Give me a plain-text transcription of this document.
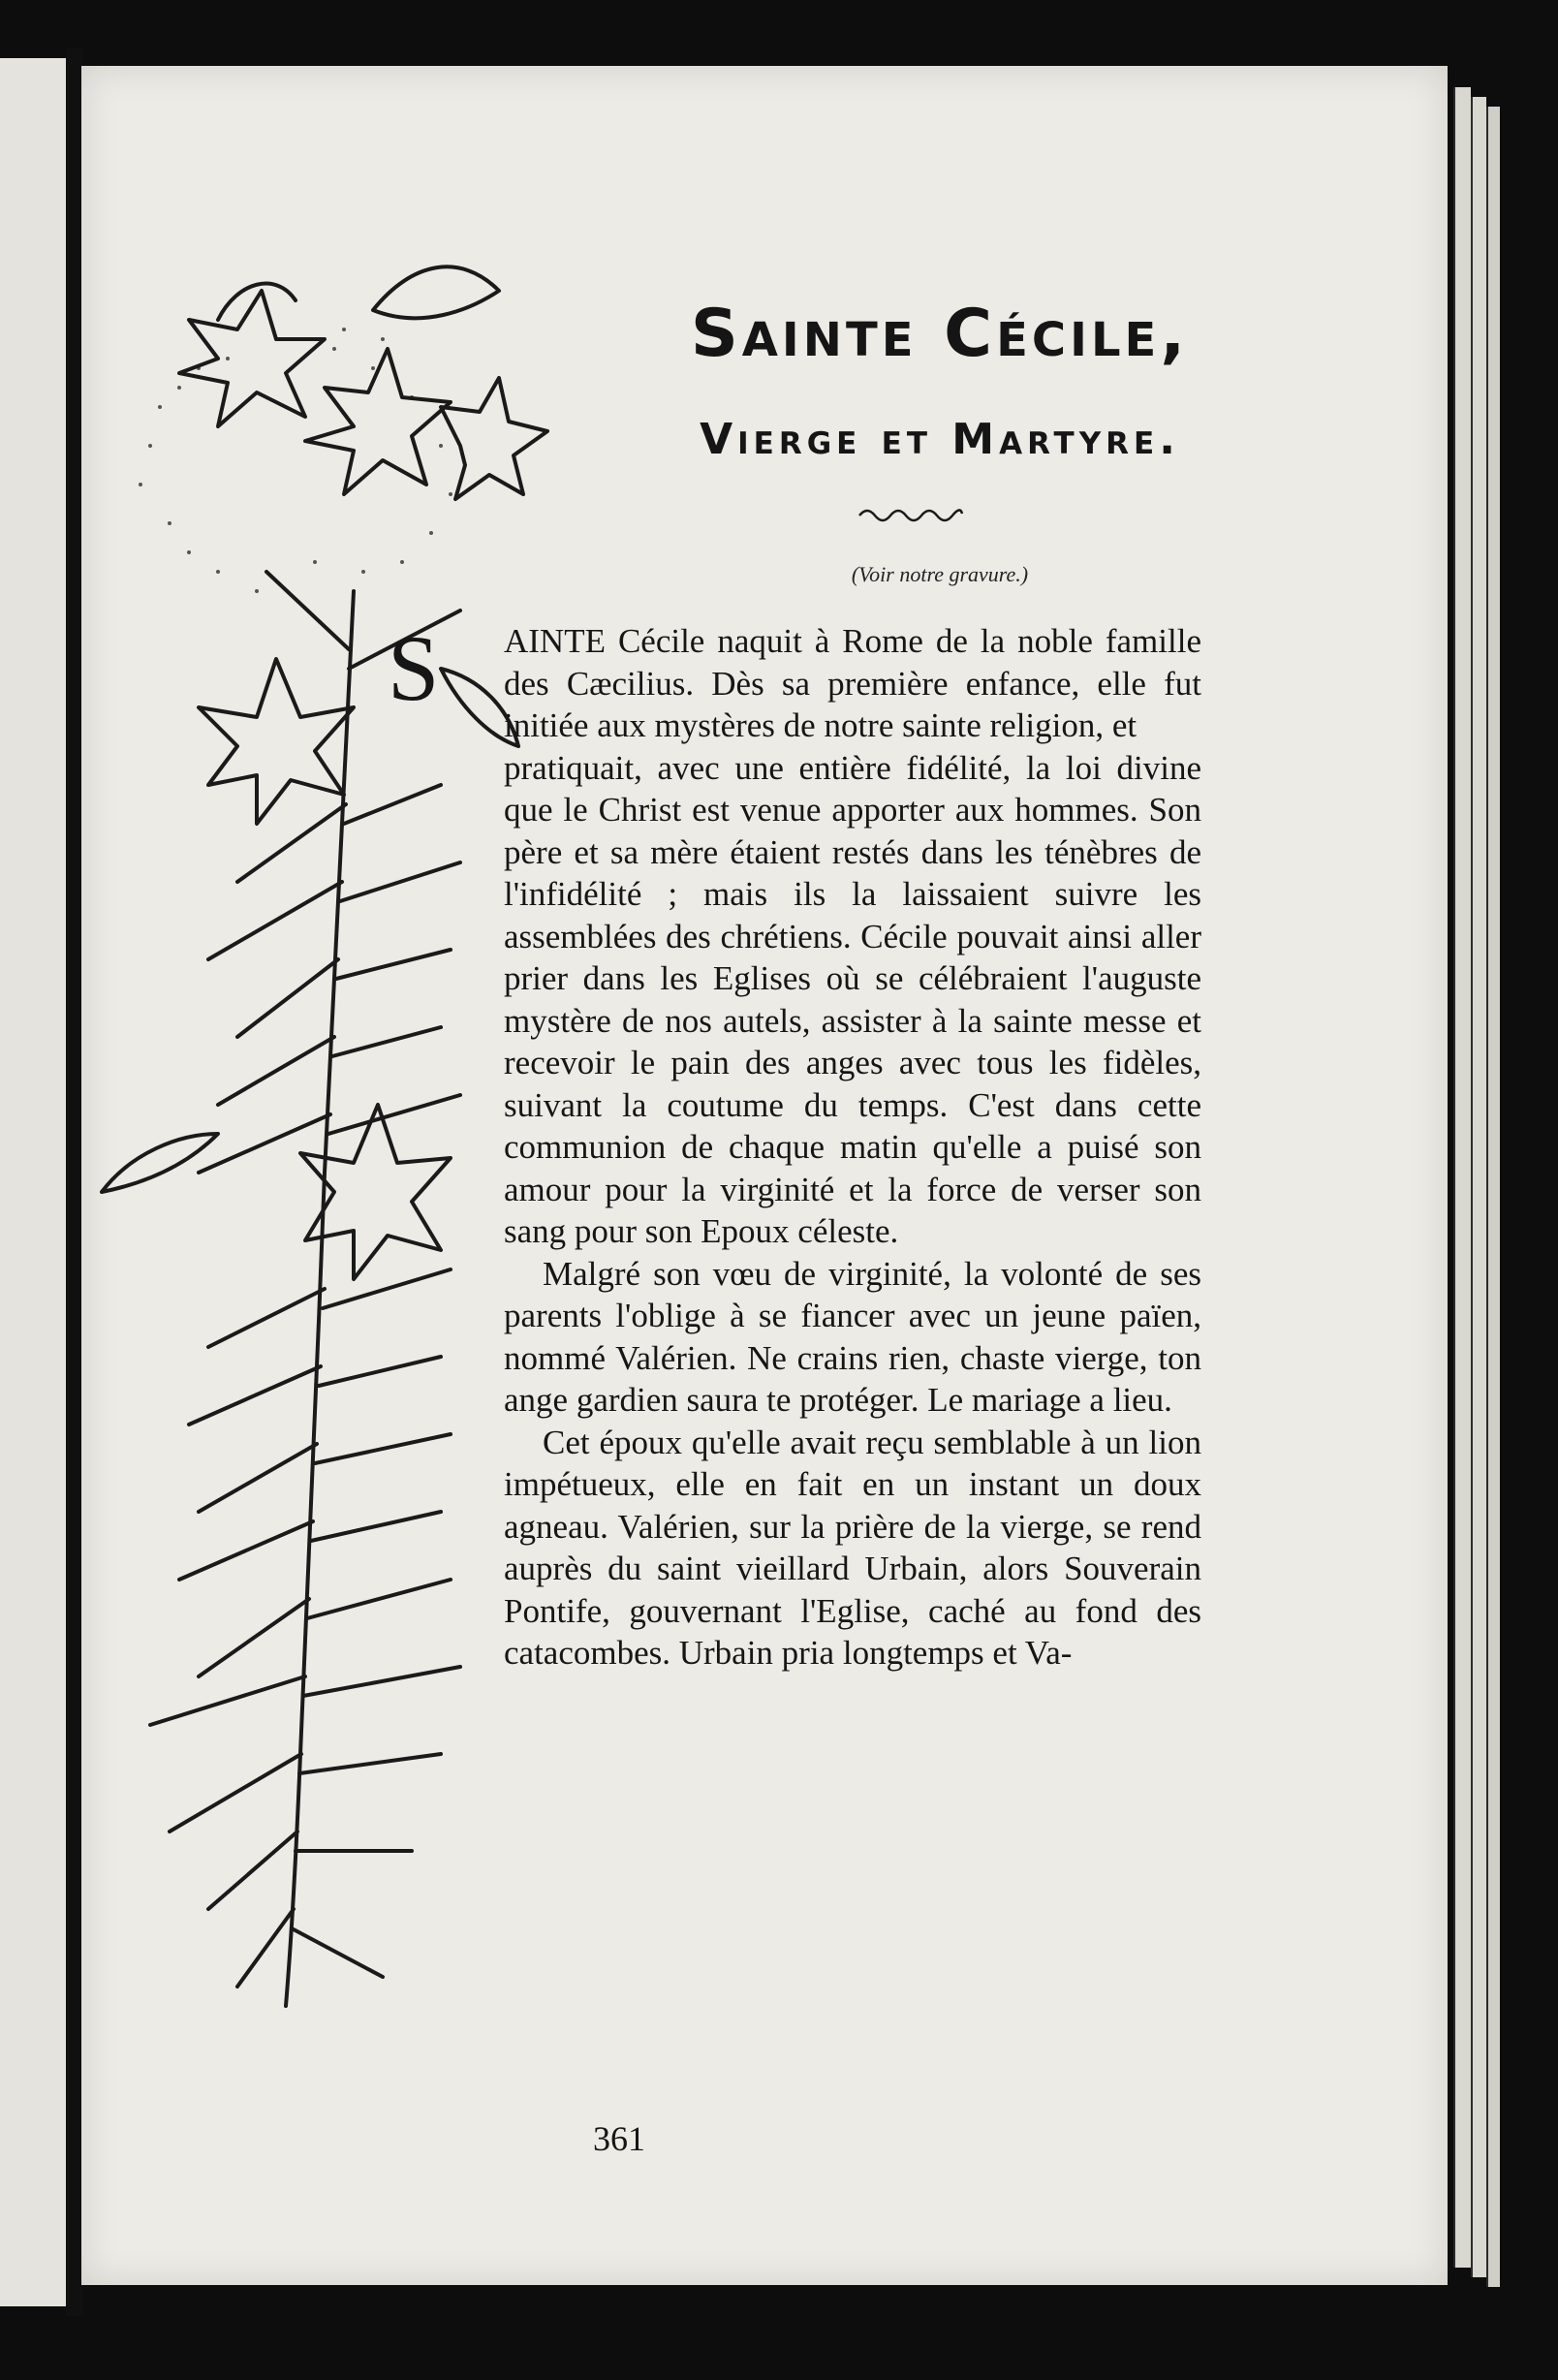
Sainte Cécile,
Vierge et Martyre.
(Voir notre gravure.)

S AINTE Cécile naquit à Rome de la noble famille des Cæcilius. Dès sa première enfance, elle fut initiée aux mystères de notre sainte religion, et

pratiquait, avec une entière fidélité, la loi divine que le Christ est venue apporter aux hommes. Son père et sa mère étaient restés dans les ténèbres de l'infidélité ; mais ils la laissaient suivre les assemblées des chrétiens. Cécile pouvait ainsi aller prier dans les Eglises où se célébraient l'auguste mystère de nos autels, assister à la sainte messe et recevoir le pain des anges avec tous les fidèles, suivant la coutume du temps. C'est dans cette communion de chaque matin qu'elle a puisé son amour pour la virginité et la force de verser son sang pour son Epoux céleste.

Malgré son vœu de virginité, la volonté de ses parents l'oblige à se fiancer avec un jeune païen, nommé Valérien. Ne crains rien, chaste vierge, ton ange gardien saura te protéger. Le mariage a lieu.

Cet époux qu'elle avait reçu semblable à un lion impétueux, elle en fait en un instant un doux agneau. Valérien, sur la prière de la vierge, se rend auprès du saint vieillard Urbain, alors Souverain Pontife, gouvernant l'Eglise, caché au fond des catacombes. Urbain pria longtemps et Va-

361
